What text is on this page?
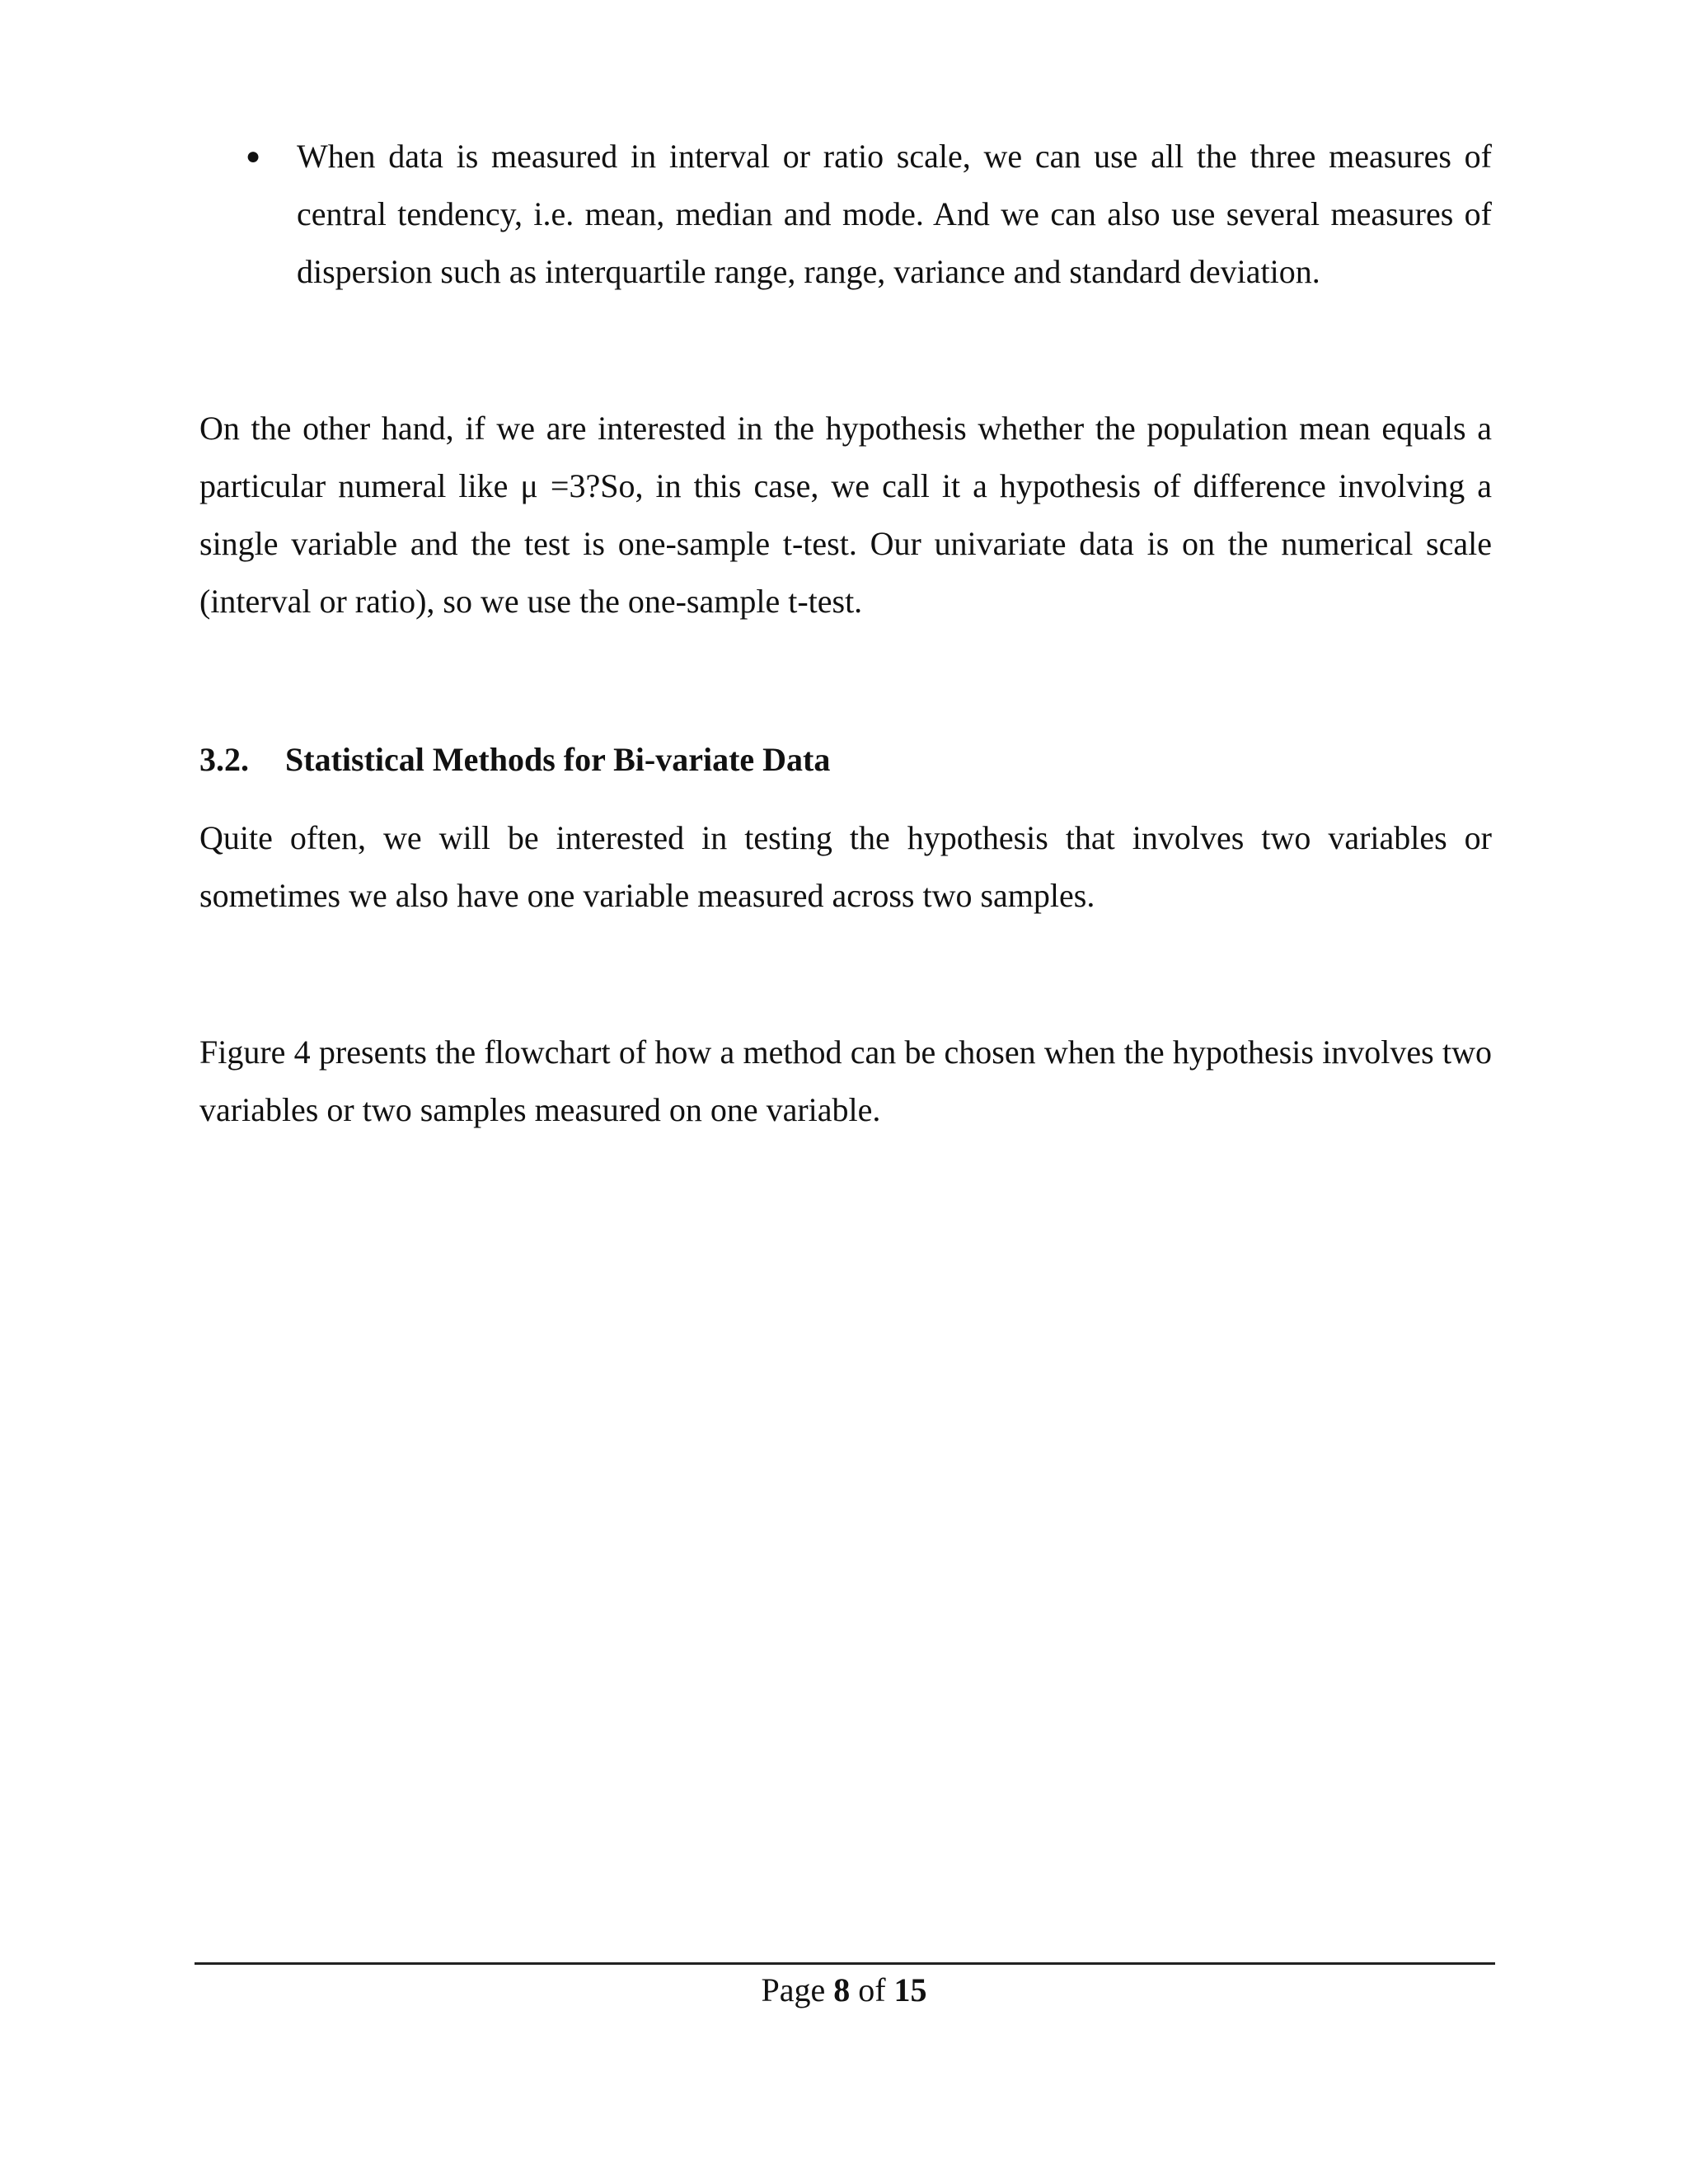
●	When data is measured in interval or ratio scale, we can use all the three measures of central tendency, i.e. mean, median and mode. And we can also use several measures of dispersion such as interquartile range, range, variance and standard deviation.

On the other hand, if we are interested in the hypothesis whether the population mean equals a particular numeral like μ =3?So, in this case, we call it a hypothesis of difference involving a single variable and the test is one-sample t-test. Our univariate data is on the numerical scale (interval or ratio), so we use the one-sample t-test.

3.2. Statistical Methods for Bi-variate Data

Quite often, we will be interested in testing the hypothesis that involves two variables or sometimes we also have one variable measured across two samples.

Figure 4 presents the flowchart of how a method can be chosen when the hypothesis involves two variables or two samples measured on one variable.

Page 8 of 15
